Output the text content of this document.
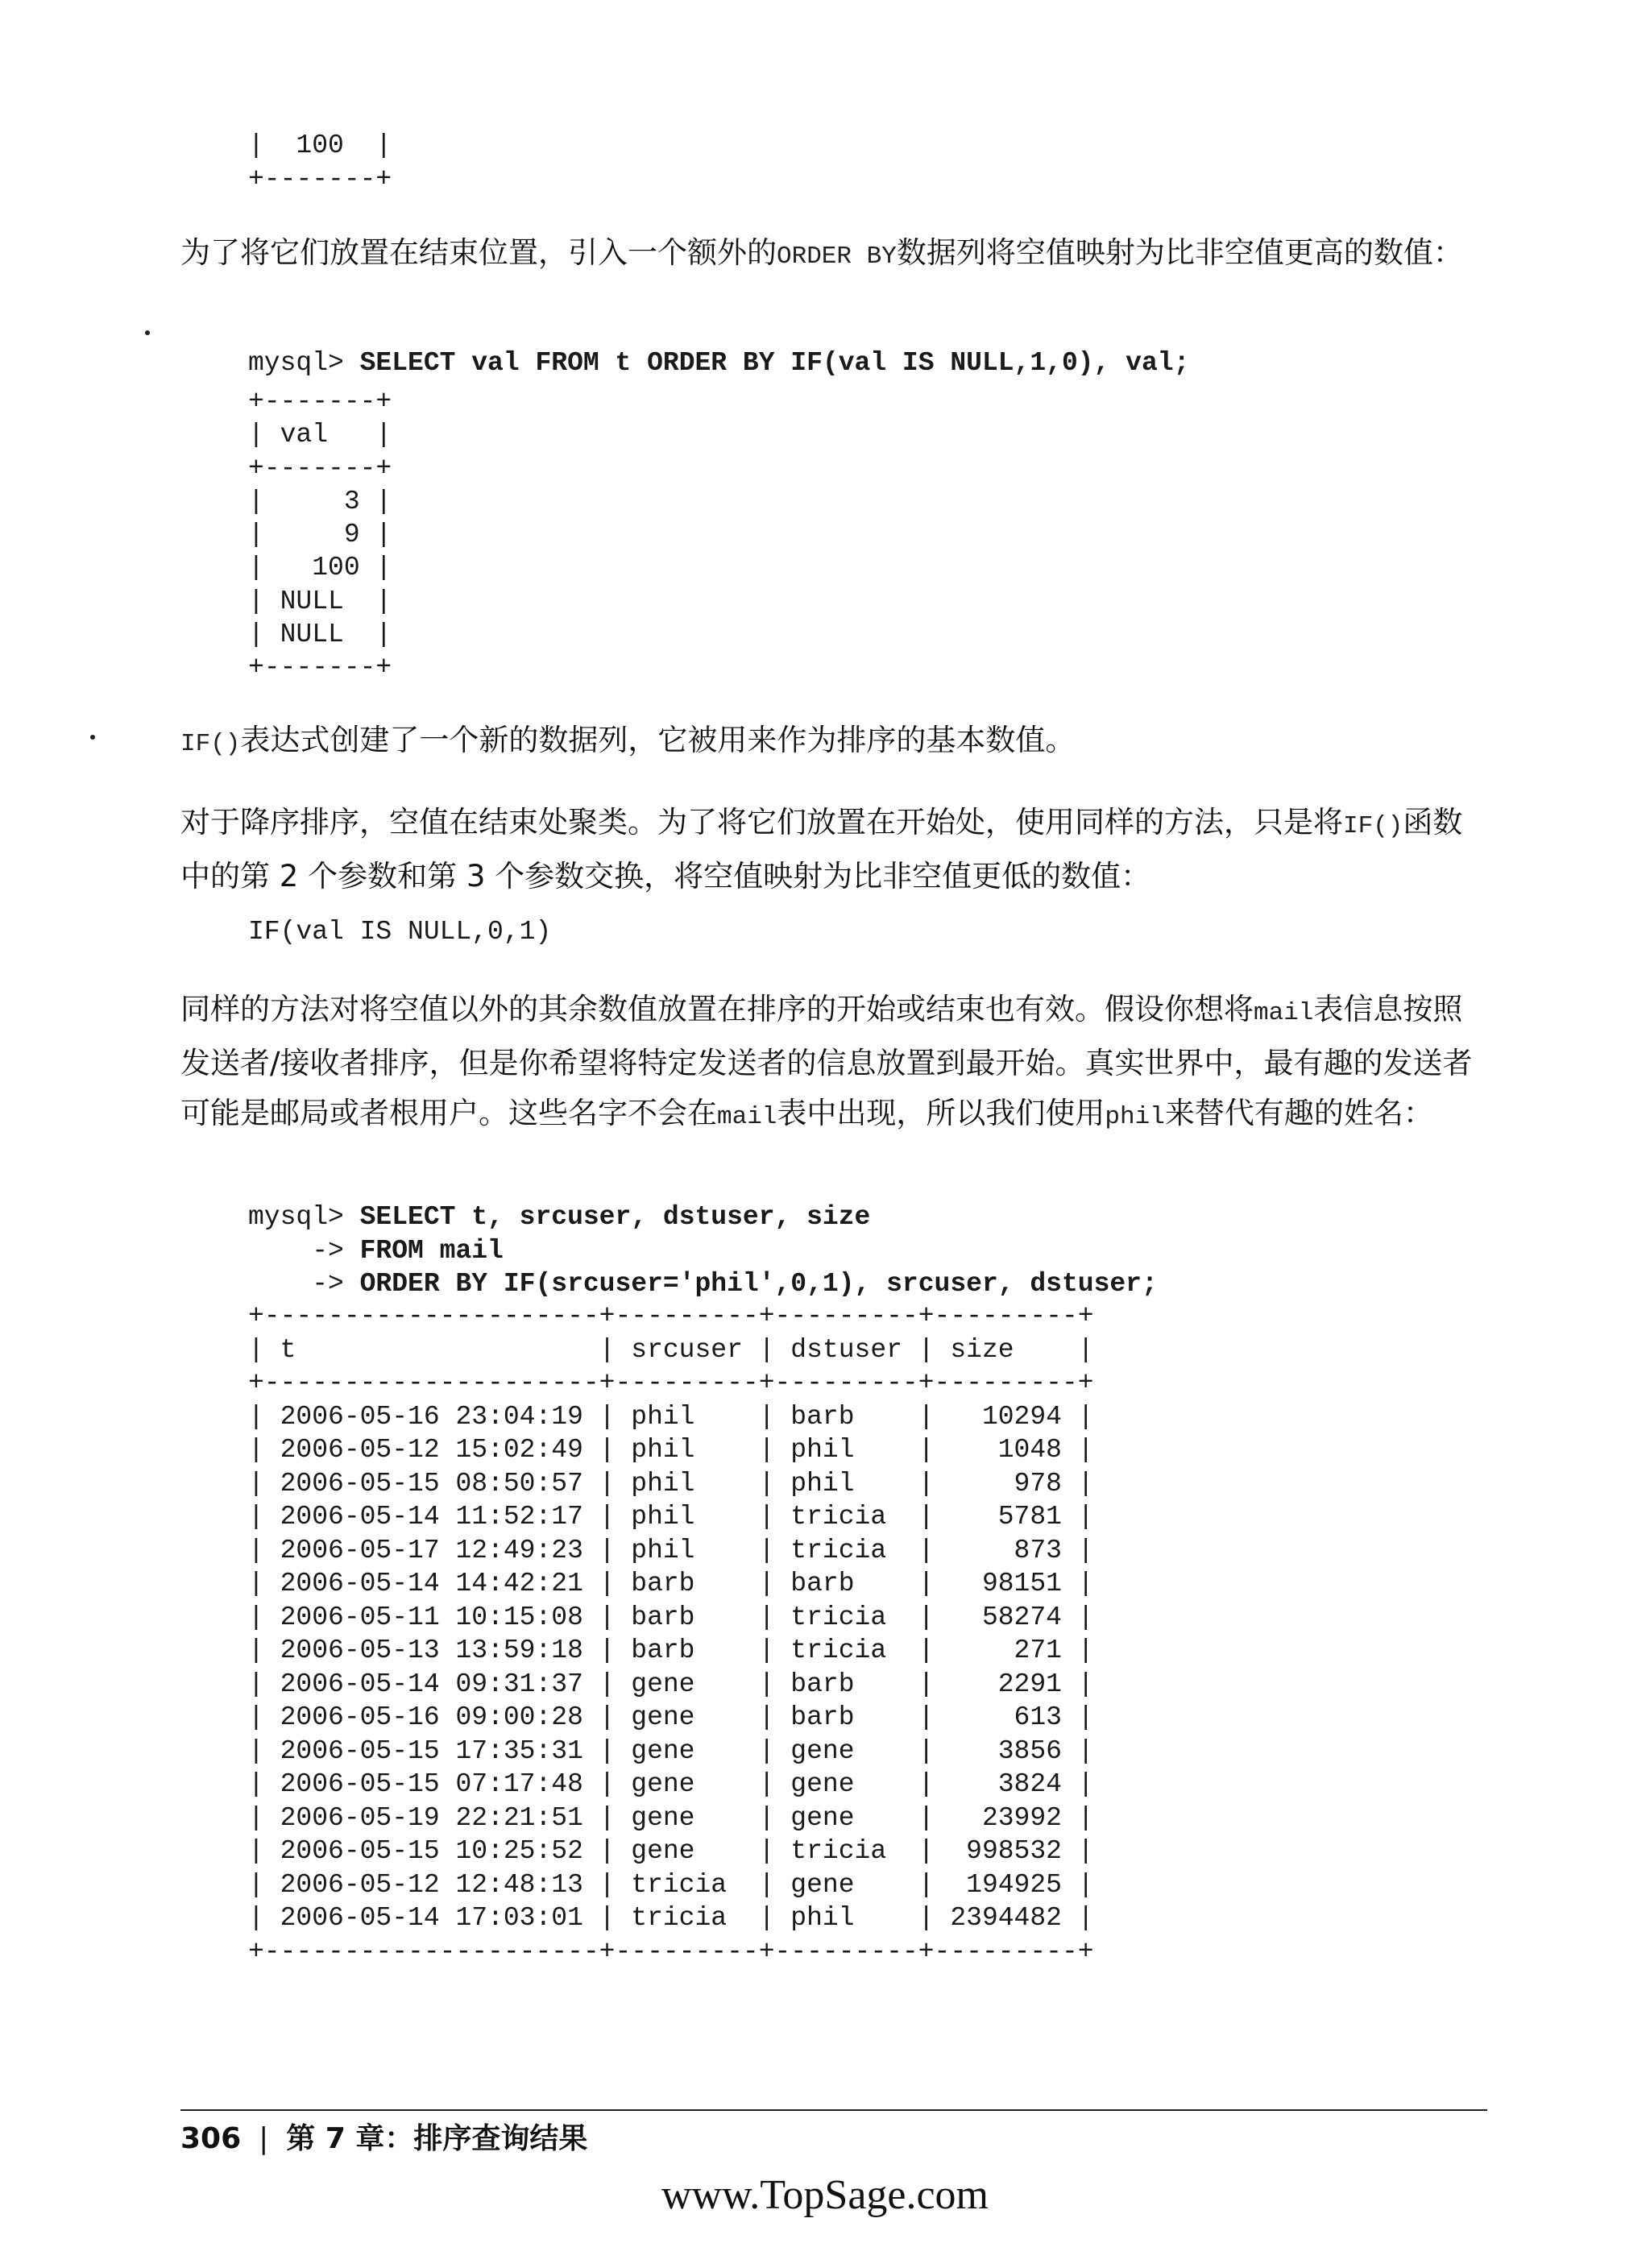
|  100  |
+-------+
为了将它们放置在结束位置，引入一个额外的ORDER BY数据列将空值映射为比非空值更高的数值：
mysql> SELECT val FROM t ORDER BY IF(val IS NULL,1,0), val;
+-------+
| val   |
+-------+
|     3 |
|     9 |
|   100 |
| NULL  |
| NULL  |
+-------+
IF()表达式创建了一个新的数据列，它被用来作为排序的基本数值。
对于降序排序，空值在结束处聚类。为了将它们放置在开始处，使用同样的方法，只是将IF()函数中的第 2 个参数和第 3 个参数交换，将空值映射为比非空值更低的数值：
IF(val IS NULL,0,1)
同样的方法对将空值以外的其余数值放置在排序的开始或结束也有效。假设你想将mail表信息按照发送者/接收者排序，但是你希望将特定发送者的信息放置到最开始。真实世界中，最有趣的发送者可能是邮局或者根用户。这些名字不会在mail表中出现，所以我们使用phil来替代有趣的姓名：
mysql> SELECT t, srcuser, dstuser, size
-> FROM mail
-> ORDER BY IF(srcuser='phil',0,1), srcuser, dstuser;
+---------------------+---------+---------+---------+
| t                   | srcuser | dstuser | size    |
+---------------------+---------+---------+---------+
| 2006-05-16 23:04:19 | phil    | barb    |   10294 |
| 2006-05-12 15:02:49 | phil    | phil    |    1048 |
| 2006-05-15 08:50:57 | phil    | phil    |     978 |
| 2006-05-14 11:52:17 | phil    | tricia  |    5781 |
| 2006-05-17 12:49:23 | phil    | tricia  |     873 |
| 2006-05-14 14:42:21 | barb    | barb    |   98151 |
| 2006-05-11 10:15:08 | barb    | tricia  |   58274 |
| 2006-05-13 13:59:18 | barb    | tricia  |     271 |
| 2006-05-14 09:31:37 | gene    | barb    |    2291 |
| 2006-05-16 09:00:28 | gene    | barb    |     613 |
| 2006-05-15 17:35:31 | gene    | gene    |    3856 |
| 2006-05-15 07:17:48 | gene    | gene    |    3824 |
| 2006-05-19 22:21:51 | gene    | gene    |   23992 |
| 2006-05-15 10:25:52 | gene    | tricia  |  998532 |
| 2006-05-12 12:48:13 | tricia  | gene    |  194925 |
| 2006-05-14 17:03:01 | tricia  | phil    | 2394482 |
+---------------------+---------+---------+---------+
306 | 第 7 章：排序查询结果
www.TopSage.com
